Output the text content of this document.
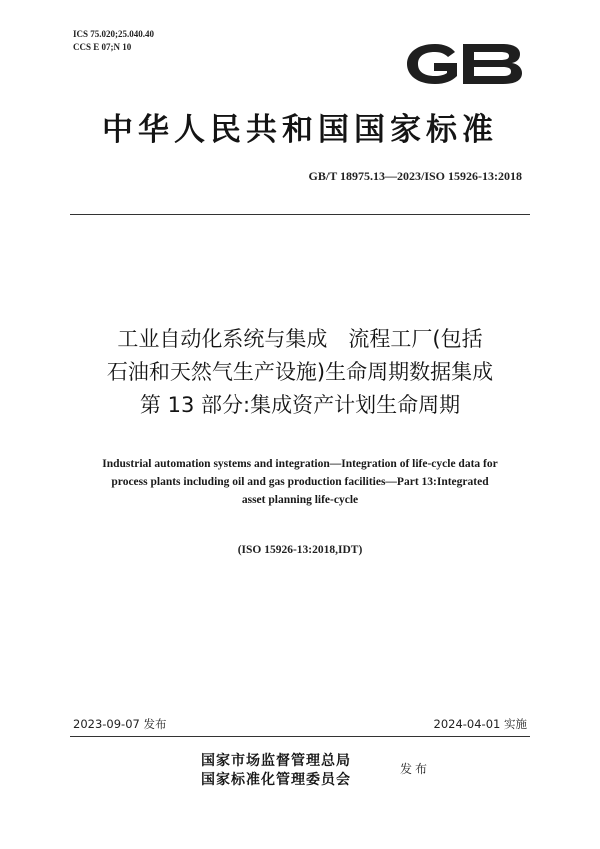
ICS 75.020;25.040.40
CCS E 07;N 10
中华人民共和国国家标准
GB/T 18975.13—2023/ISO 15926-13:2018
工业自动化系统与集成　流程工厂(包括
石油和天然气生产设施)生命周期数据集成
第 13 部分:集成资产计划生命周期
Industrial automation systems and integration—Integration of life-cycle data for
process plants including oil and gas production facilities—Part 13:Integrated
asset planning life-cycle
(ISO 15926-13:2018,IDT)
2023-09-07 发布	2024-04-01 实施
国家市场监督管理总局
国家标准化管理委员会
发布
